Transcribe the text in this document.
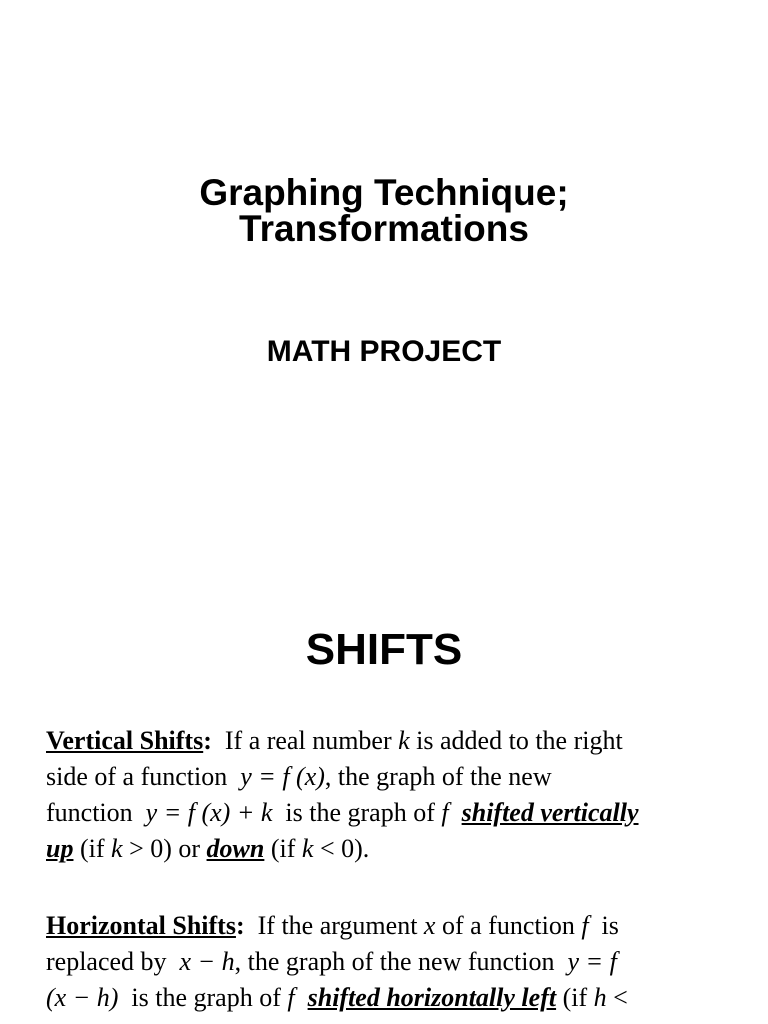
Graphing Technique;
Transformations
MATH PROJECT
SHIFTS
Vertical Shifts:  If a real number k is added to the right
side of a function  y = f (x), the graph of the new
function  y = f (x) + k  is the graph of f shifted vertically
up (if k > 0) or down (if k < 0).
Horizontal Shifts:  If the argument x of a function f  is
replaced by  x − h, the graph of the new function  y = f
(x − h)  is the graph of f shifted horizontally left (if h <
